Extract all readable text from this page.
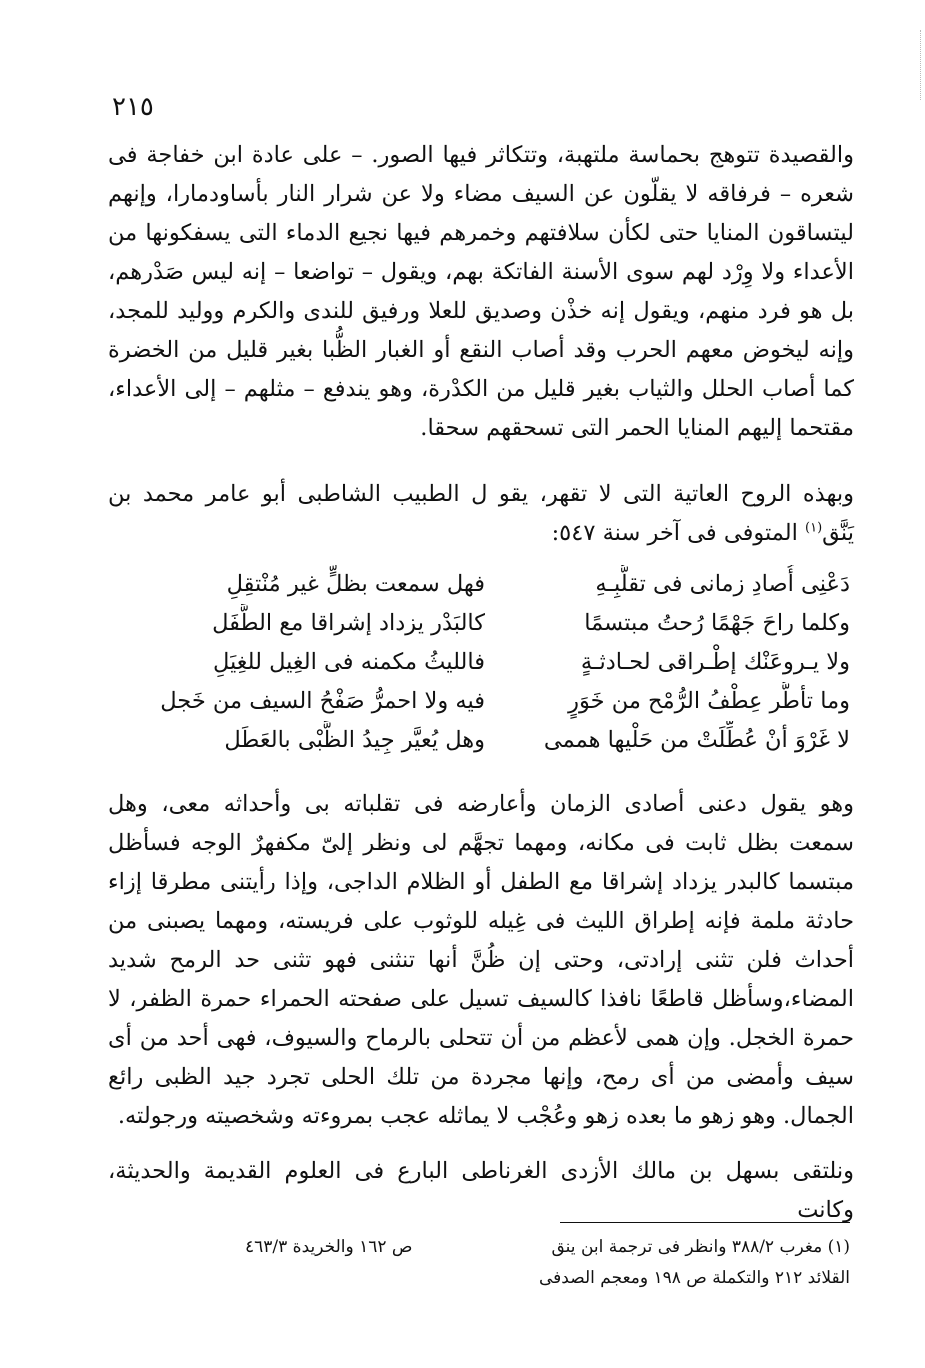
٢١٥

والقصيدة تتوهج بحماسة ملتهبة، وتتكاثر فيها الصور. – على عادة ابن خفاجة فى شعره – فرفاقه لا يقلّون عن السيف مضاء ولا عن شرار النار بأساودمارا، وإنهم ليتساقون المنايا حتى لكأن سلافتهم وخمرهم فيها نجيع الدماء التى يسفكونها من الأعداء ولا وِرْد لهم سوى الأسنة الفاتكة بهم، ويقول – تواضعا – إنه ليس صَدْرهم، بل هو فرد منهم، ويقول إنه خذْن وصديق للعلا ورفيق للندى والكرم ووليد للمجد، وإنه ليخوض معهم الحرب وقد أصاب النقع أو الغبار الظُّبا بغير قليل من الخضرة كما أصاب الحلل والثياب بغير قليل من الكدْرة، وهو يندفع – مثلهم – إلى الأعداء، مقتحما إليهم المنايا الحمر التى تسحقهم سحقا.

وبهذه الروح العاتية التى لا تقهر، يقو ل الطبيب الشاطبى أبو عامر محمد بن يَنَّق$^{(١)}$ المتوفى فى آخر سنة ٥٤٧:

دَعْنِى أُصادِ زمانى فى تقلُّبِـهِ
فهل سمعت بظلٍّ غير مُنْتقِلِ
وكلما راحَ جَهْمًا رُحتُ مبتسمًا
كالبَدْر يزداد إشراقا مع الطَّفَل
ولا يـروعَنْك إطْـراقى لحـادثـةٍ
فالليثُ مكمنه فى الغِيل للغِيَلِ
وما تأطُّر عِطْفُ الرُّمْح من خَوَرٍ
فيه ولا احمرُّ صَفْحُ السيف من خَجل
لا غَرْوَ أنْ عُطِّلَتْ من حَلْيها هممى
وهل يُعيَّر جِيدُ الظَّبْى بالعَطَل

وهو يقول دعنى أصادى الزمان وأعارضه فى تقلباته بى وأحداثه معى، وهل سمعت بظل ثابت فى مكانه، ومهما تجهَّم لى ونظر إلىّ مكفهرٌ الوجه فسأظل مبتسما كالبدر يزداد إشراقا مع الطفل أو الظلام الداجى، وإذا رأيتنى مطرقا إزاء حادثة ملمة فإنه إطراق الليث فى غِيله للوثوب على فريسته، ومهما يصبنى من أحداث فلن تثنى إرادتى، وحتى إن ظُنَّ أنها تنثنى فهو تثنى حد الرمح شديد المضاء،وسأظل قاطعًا نافذا كالسيف تسيل على صفحته الحمراء حمرة الظفر، لا حمرة الخجل. وإن همى لأعظم من أن تتحلى بالرماح والسيوف، فهى أحد من أى سيف وأمضى من أى رمح، وإنها مجردة من تلك الحلى تجرد جيد الظبى رائع الجمال. وهو زهو ما بعده زهو وعُجْب لا يماثله عجب بمروءته وشخصيته ورجولته.

ونلتقى بسهل بن مالك الأزدى الغرناطى البارع فى العلوم القديمة والحديثة، وكانت

(١) مغرب ٣٨٨/٢ وانظر فى ترجمة ابن ينق
ص ١٦٢ والخريدة ٤٦٣/٣
القلائد ٢١٢ والتكملة ص ١٩٨ ومعجم الصدفى
